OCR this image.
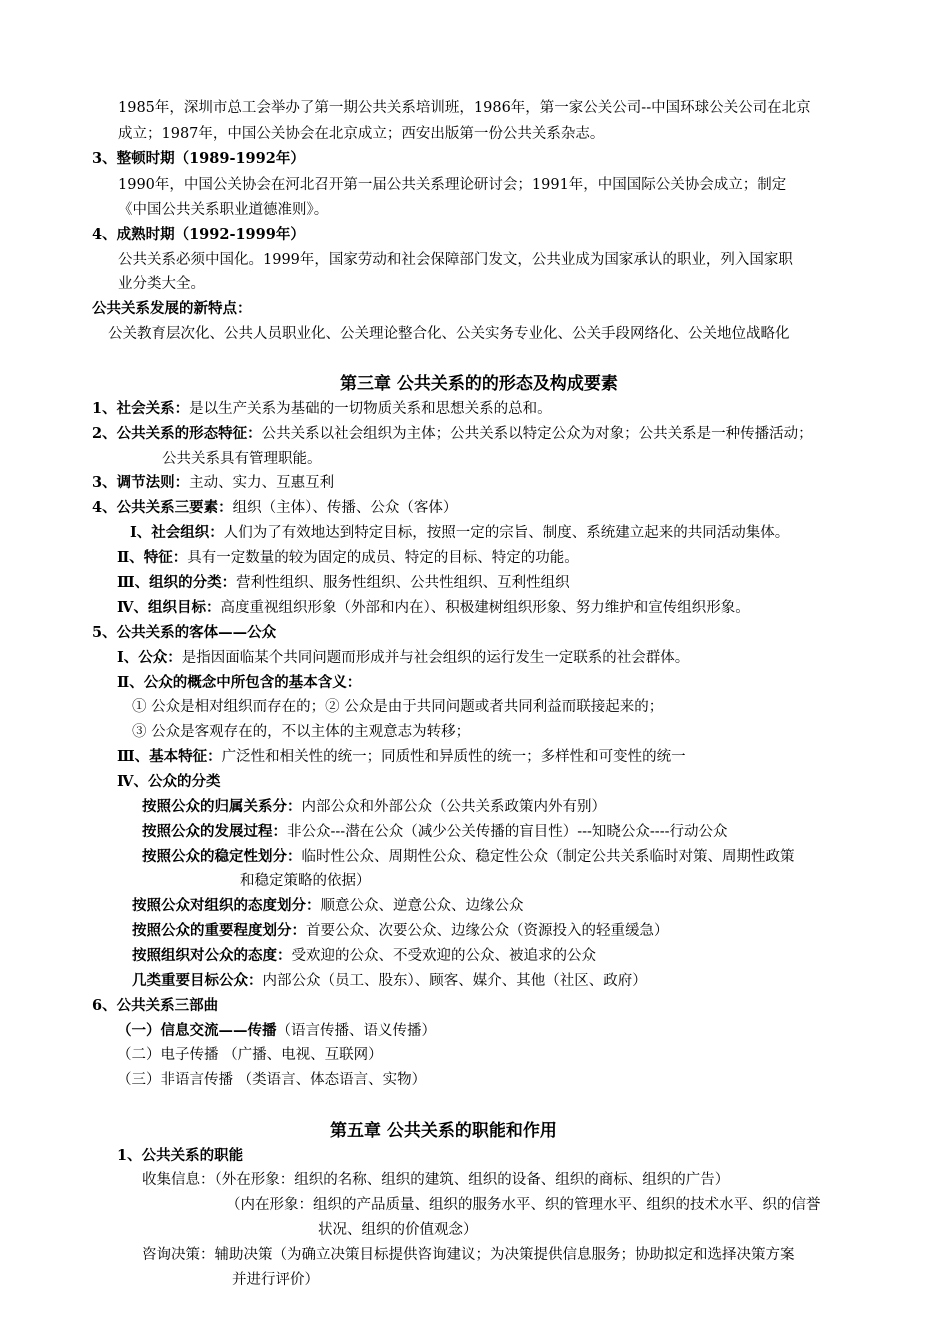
1985年，深圳市总工会举办了第一期公共关系培训班，1986年，第一家公关公司--中国环球公关公司在北京
成立；1987年，中国公关协会在北京成立；西安出版第一份公共关系杂志。
3、整顿时期（1989-1992年）
1990年，中国公关协会在河北召开第一届公共关系理论研讨会；1991年，中国国际公关协会成立；制定
《中国公共关系职业道德准则》。
4、成熟时期（1992-1999年）
公共关系必须中国化。1999年，国家劳动和社会保障部门发文，公共业成为国家承认的职业，列入国家职
业分类大全。
公共关系发展的新特点：
公关教育层次化、公共人员职业化、公关理论整合化、公关实务专业化、公关手段网络化、公关地位战略化
第三章 公共关系的的形态及构成要素
1、社会关系：是以生产关系为基础的一切物质关系和思想关系的总和。
2、公共关系的形态特征：公共关系以社会组织为主体；公共关系以特定公众为对象；公共关系是一种传播活动；
公共关系具有管理职能。
3、调节法则：主动、实力、互惠互利
4、公共关系三要素：组织（主体）、传播、公众（客体）
Ⅰ、社会组织：人们为了有效地达到特定目标，按照一定的宗旨、制度、系统建立起来的共同活动集体。
Ⅱ、特征：具有一定数量的较为固定的成员、特定的目标、特定的功能。
Ⅲ、组织的分类：营利性组织、服务性组织、公共性组织、互利性组织
Ⅳ、组织目标：高度重视组织形象（外部和内在）、积极建树组织形象、努力维护和宣传组织形象。
5、公共关系的客体——公众
Ⅰ、公众：是指因面临某个共同问题而形成并与社会组织的运行发生一定联系的社会群体。
Ⅱ、公众的概念中所包含的基本含义：
① 公众是相对组织而存在的；② 公众是由于共同问题或者共同利益而联接起来的；
③ 公众是客观存在的，不以主体的主观意志为转移；
Ⅲ、基本特征：广泛性和相关性的统一；同质性和异质性的统一；多样性和可变性的统一
Ⅳ、公众的分类
按照公众的归属关系分：内部公众和外部公众（公共关系政策内外有别）
按照公众的发展过程：非公众---潜在公众（减少公关传播的盲目性）---知晓公众----行动公众
按照公众的稳定性划分：临时性公众、周期性公众、稳定性公众（制定公共关系临时对策、周期性政策
和稳定策略的依据）
按照公众对组织的态度划分：顺意公众、逆意公众、边缘公众
按照公众的重要程度划分：首要公众、次要公众、边缘公众（资源投入的轻重缓急）
按照组织对公众的态度：受欢迎的公众、不受欢迎的公众、被追求的公众
几类重要目标公众：内部公众（员工、股东）、顾客、媒介、其他（社区、政府）
6、公共关系三部曲
（一）信息交流——传播（语言传播、语义传播）
（二）电子传播 （广播、电视、互联网）
（三）非语言传播 （类语言、体态语言、实物）
第五章 公共关系的职能和作用
1、公共关系的职能
收集信息：（外在形象：组织的名称、组织的建筑、组织的设备、组织的商标、组织的广告）
（内在形象：组织的产品质量、组织的服务水平、织的管理水平、组织的技术水平、织的信誉
状况、组织的价值观念）
咨询决策：辅助决策（为确立决策目标提供咨询建议；为决策提供信息服务；协助拟定和选择决策方案
并进行评价）
